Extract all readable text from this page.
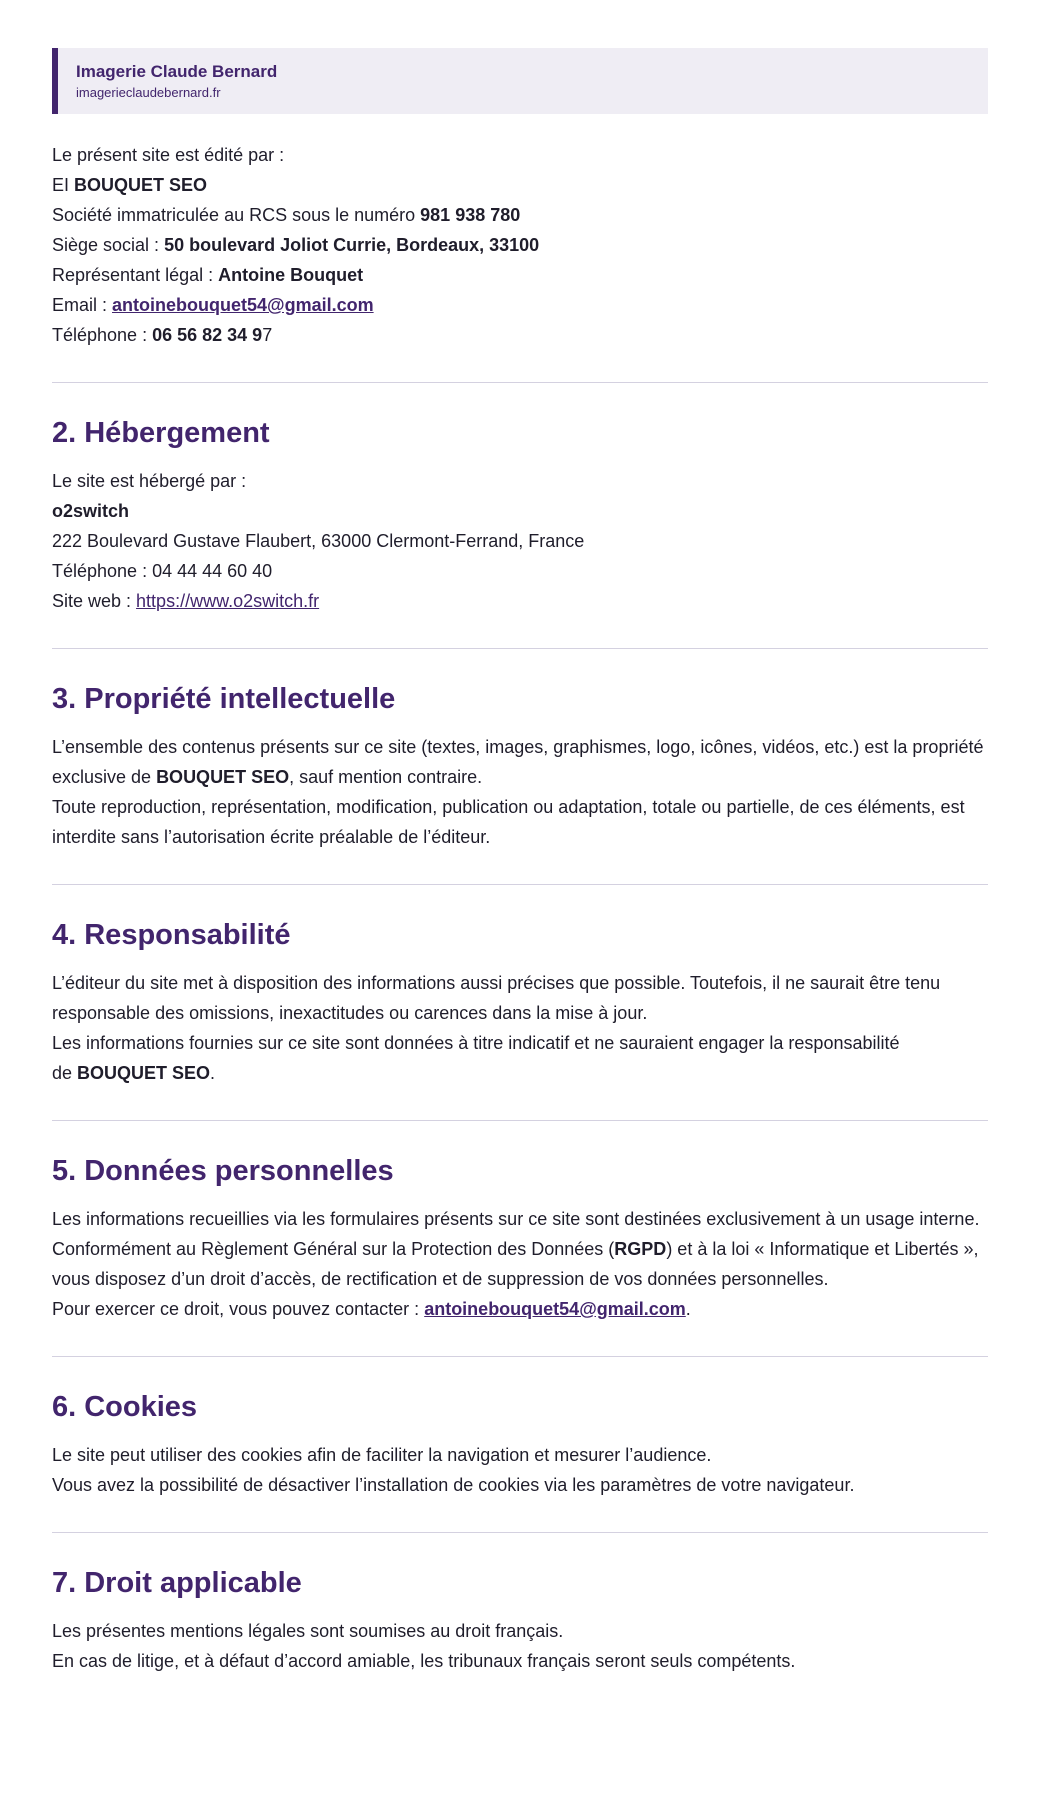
Imagerie Claude Bernard
imagerieclaudebernard.fr
Le présent site est édité par :
EI BOUQUET SEO
Société immatriculée au RCS sous le numéro 981 938 780
Siège social : 50 boulevard Joliot Currie, Bordeaux, 33100
Représentant légal : Antoine Bouquet
Email : antoinebouquet54@gmail.com
Téléphone : 06 56 82 34 97
2. Hébergement
Le site est hébergé par :
o2switch
222 Boulevard Gustave Flaubert, 63000 Clermont-Ferrand, France
Téléphone : 04 44 44 60 40
Site web : https://www.o2switch.fr
3. Propriété intellectuelle

L’ensemble des contenus présents sur ce site (textes, images, graphismes, logo, icônes, vidéos, etc.) est la propriété exclusive de BOUQUET SEO, sauf mention contraire.

Toute reproduction, représentation, modification, publication ou adaptation, totale ou partielle, de ces éléments, est interdite sans l’autorisation écrite préalable de l’éditeur.

4. Responsabilité

L’éditeur du site met à disposition des informations aussi précises que possible. Toutefois, il ne saurait être tenu responsable des omissions, inexactitudes ou carences dans la mise à jour.

Les informations fournies sur ce site sont données à titre indicatif et ne sauraient engager la responsabilité
de BOUQUET SEO.

5. Données personnelles

Les informations recueillies via les formulaires présents sur ce site sont destinées exclusivement à un usage interne.

Conformément au Règlement Général sur la Protection des Données (RGPD) et à la loi « Informatique et Libertés », vous disposez d’un droit d’accès, de rectification et de suppression de vos données personnelles.

Pour exercer ce droit, vous pouvez contacter : antoinebouquet54@gmail.com.

6. Cookies

Le site peut utiliser des cookies afin de faciliter la navigation et mesurer l’audience.

Vous avez la possibilité de désactiver l’installation de cookies via les paramètres de votre navigateur.

7. Droit applicable

Les présentes mentions légales sont soumises au droit français.

En cas de litige, et à défaut d’accord amiable, les tribunaux français seront seuls compétents.
